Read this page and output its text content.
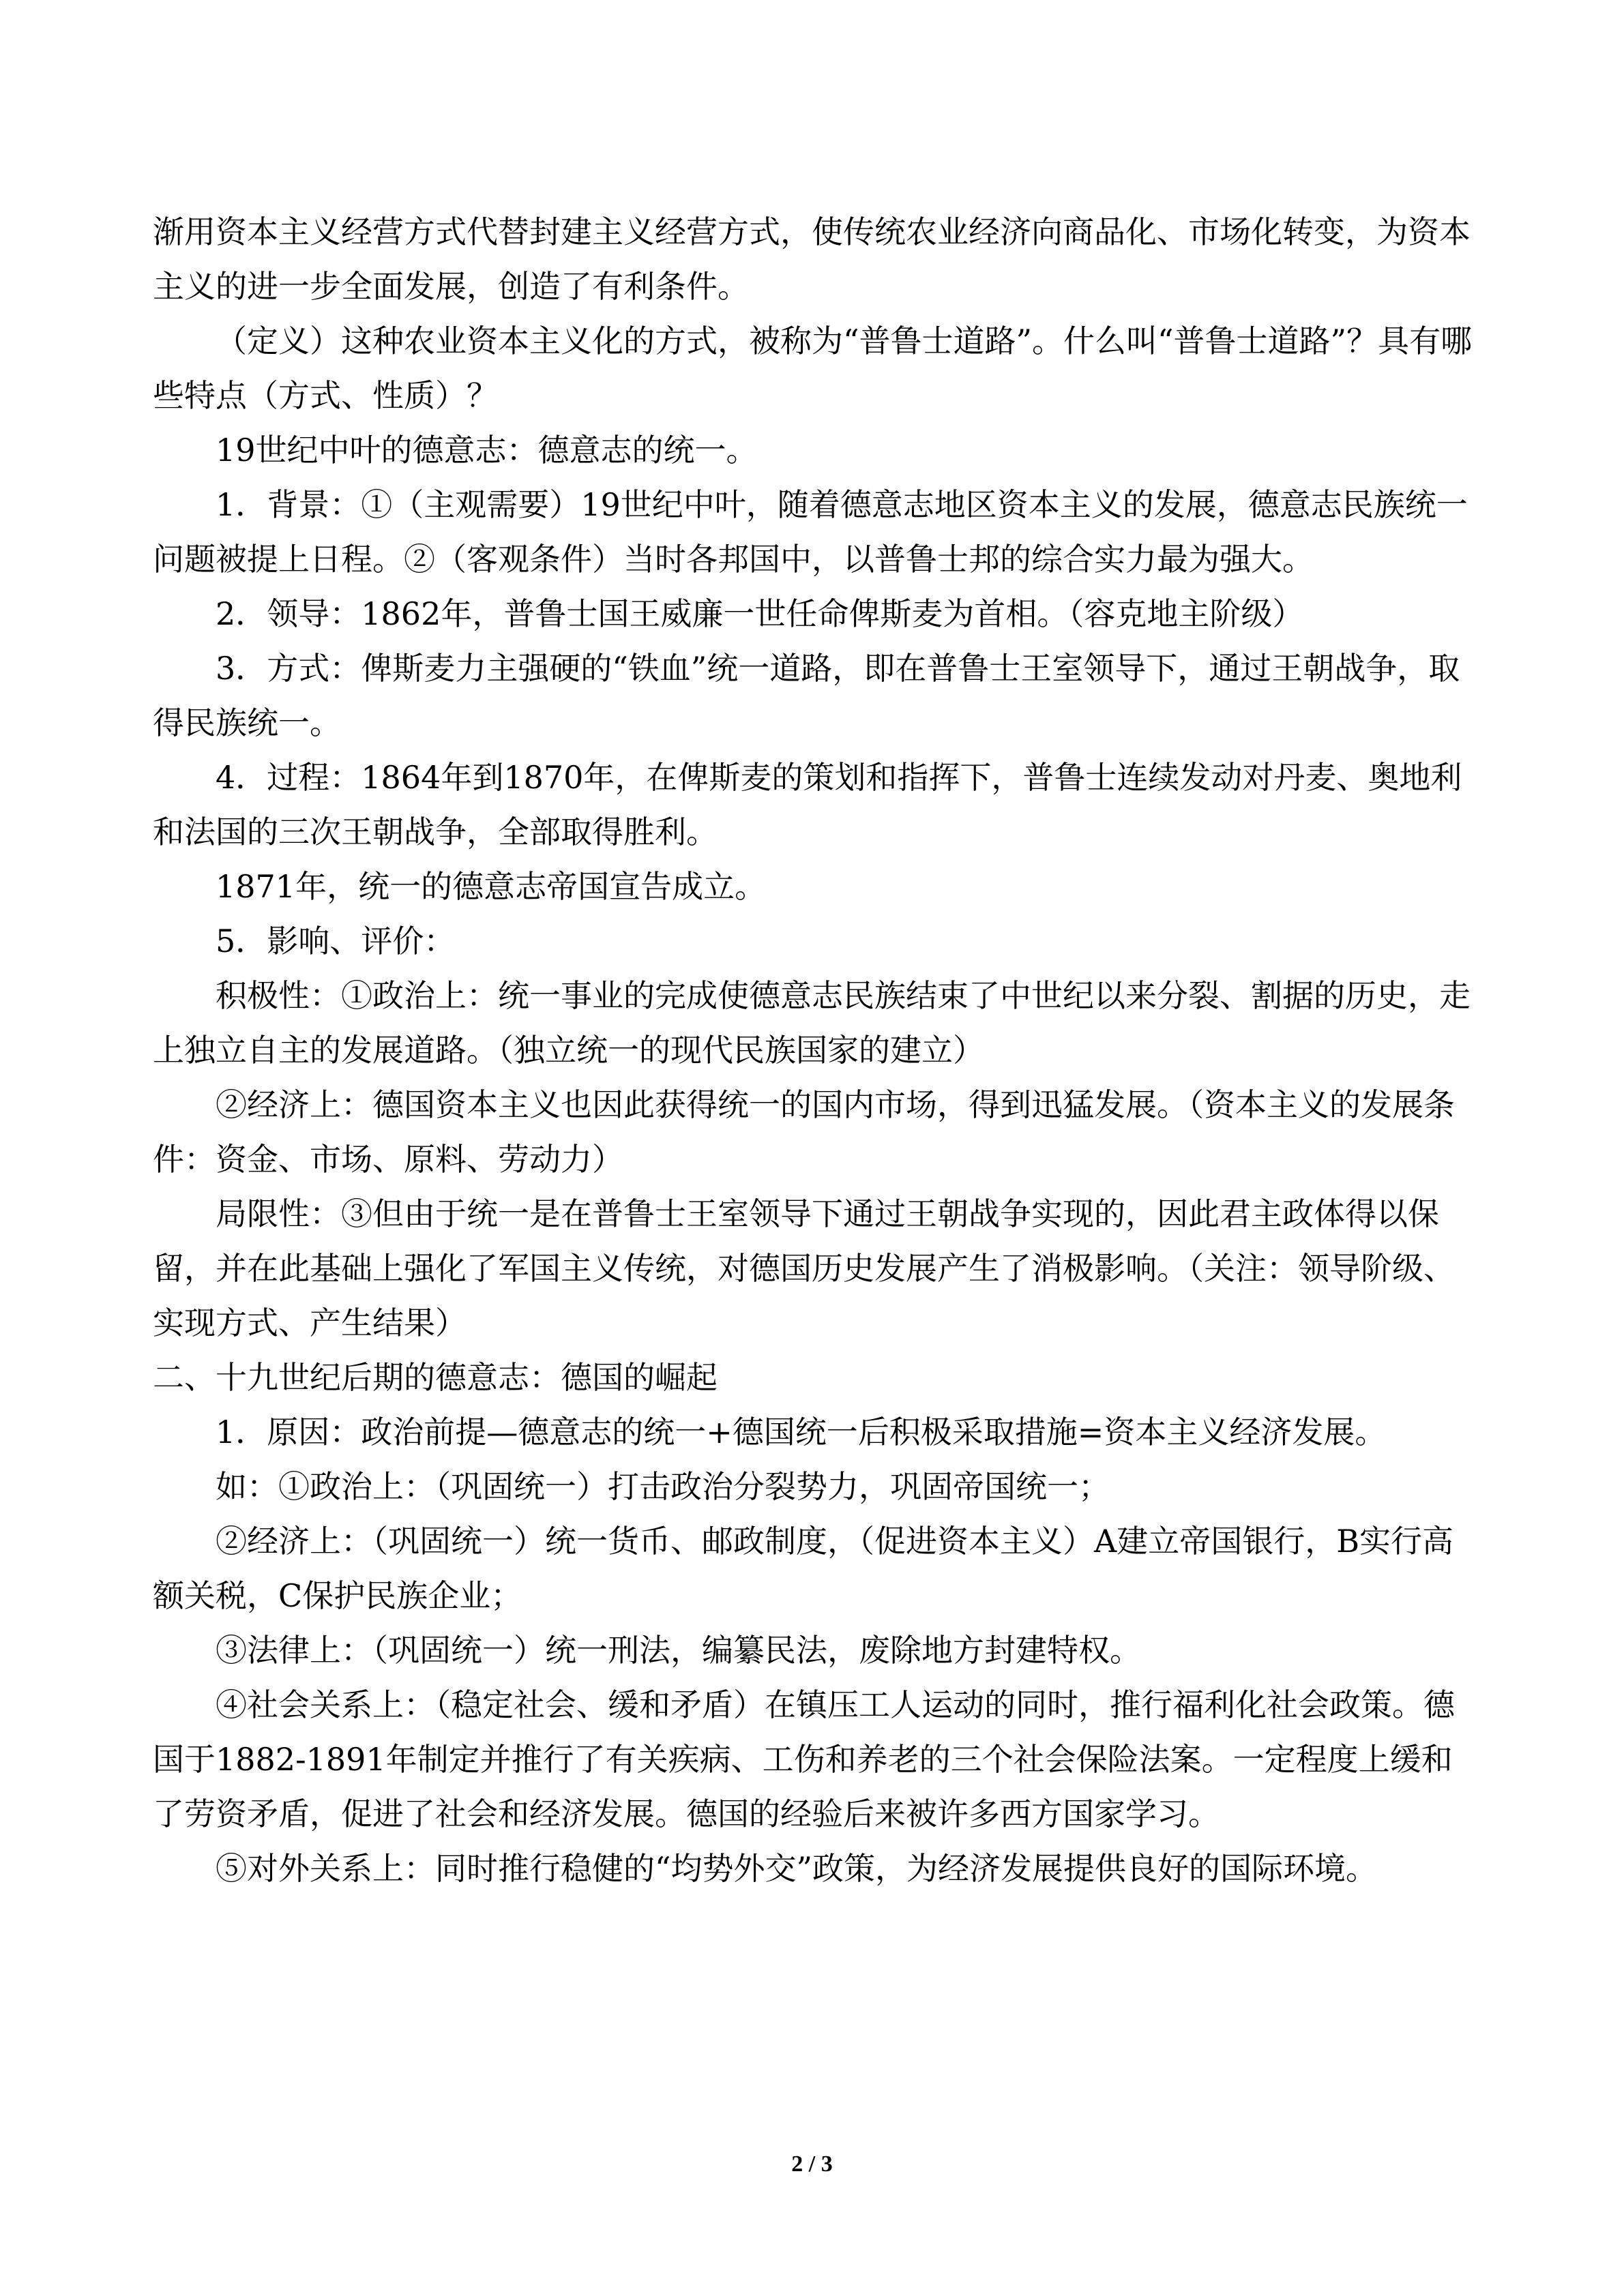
渐用资本主义经营方式代替封建主义经营方式，使传统农业经济向商品化、市场化转变，为资本主义的进一步全面发展，创造了有利条件。

（定义）这种农业资本主义化的方式，被称为“普鲁士道路”。什么叫“普鲁士道路”？具有哪些特点（方式、性质）？

19世纪中叶的德意志：德意志的统一。

1．背景：①（主观需要）19世纪中叶，随着德意志地区资本主义的发展，德意志民族统一问题被提上日程。②（客观条件）当时各邦国中，以普鲁士邦的综合实力最为强大。

2．领导：1862年，普鲁士国王威廉一世任命俾斯麦为首相。（容克地主阶级）

3．方式：俾斯麦力主强硬的“铁血”统一道路，即在普鲁士王室领导下，通过王朝战争，取得民族统一。

4．过程：1864年到1870年，在俾斯麦的策划和指挥下，普鲁士连续发动对丹麦、奥地利和法国的三次王朝战争，全部取得胜利。

1871年，统一的德意志帝国宣告成立。

5．影响、评价：

积极性：①政治上：统一事业的完成使德意志民族结束了中世纪以来分裂、割据的历史，走上独立自主的发展道路。（独立统一的现代民族国家的建立）

②经济上：德国资本主义也因此获得统一的国内市场，得到迅猛发展。（资本主义的发展条件：资金、市场、原料、劳动力）

局限性：③但由于统一是在普鲁士王室领导下通过王朝战争实现的，因此君主政体得以保留，并在此基础上强化了军国主义传统，对德国历史发展产生了消极影响。（关注：领导阶级、实现方式、产生结果）

二、十九世纪后期的德意志：德国的崛起

1．原因：政治前提—德意志的统一+德国统一后积极采取措施=资本主义经济发展。

如：①政治上：（巩固统一）打击政治分裂势力，巩固帝国统一；

②经济上：（巩固统一）统一货币、邮政制度，（促进资本主义）A建立帝国银行，B实行高额关税，C保护民族企业；

③法律上：（巩固统一）统一刑法，编纂民法，废除地方封建特权。

④社会关系上：（稳定社会、缓和矛盾）在镇压工人运动的同时，推行福利化社会政策。德国于1882-1891年制定并推行了有关疾病、工伤和养老的三个社会保险法案。一定程度上缓和了劳资矛盾，促进了社会和经济发展。德国的经验后来被许多西方国家学习。

⑤对外关系上：同时推行稳健的“均势外交”政策，为经济发展提供良好的国际环境。

2 / 3
